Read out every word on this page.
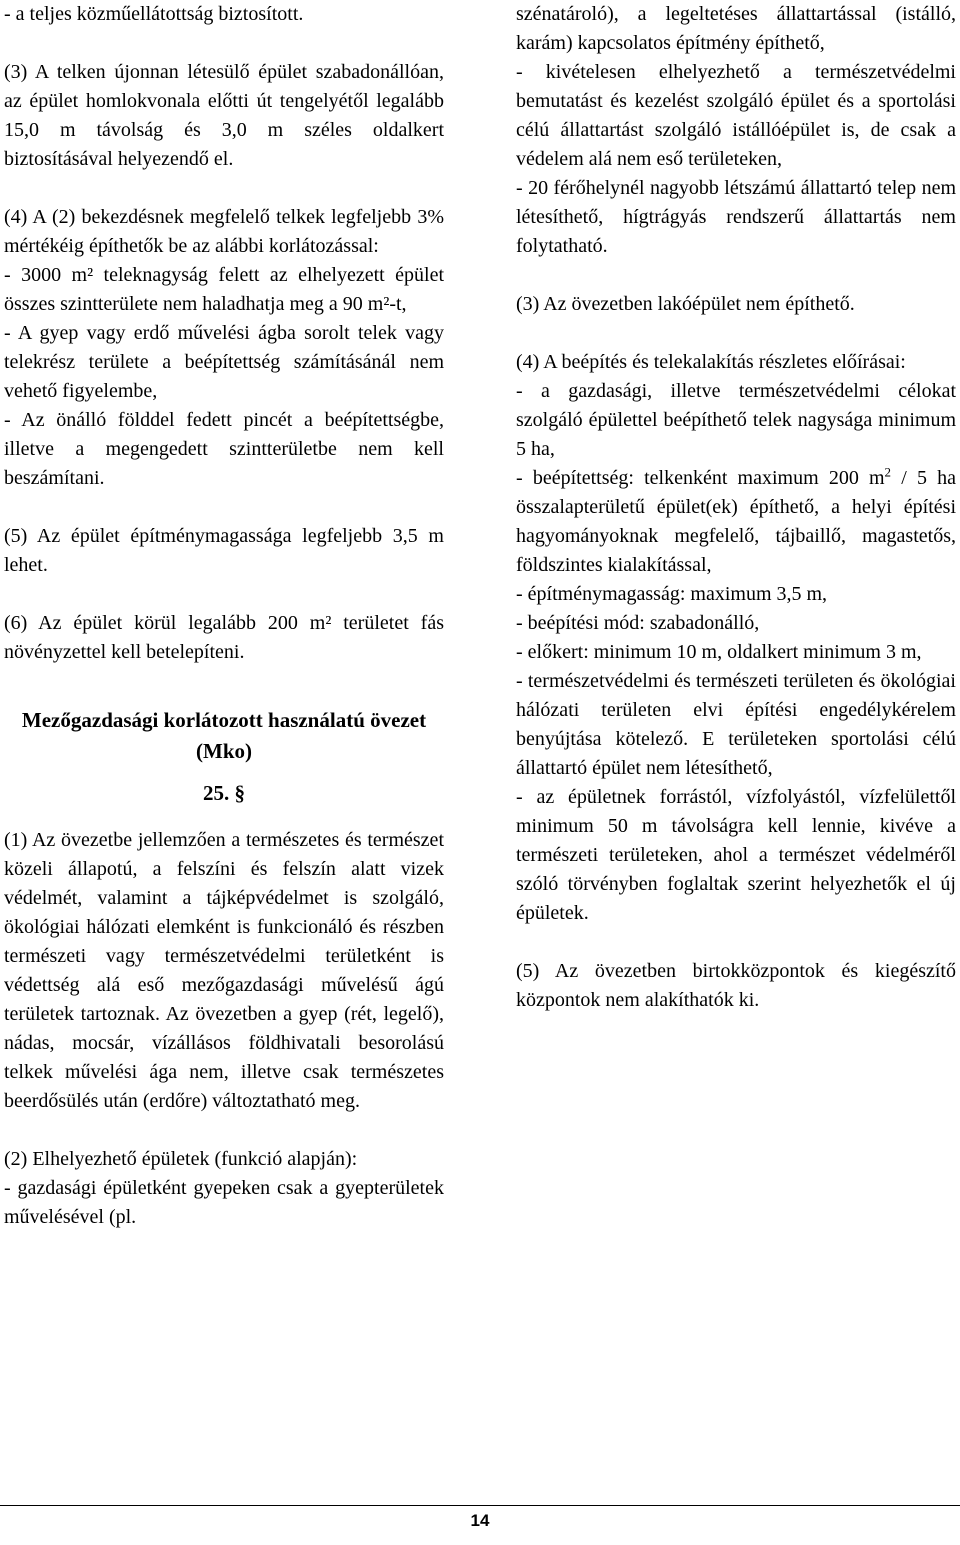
- a teljes közműellátottság biztosított.

(3) A telken újonnan létesülő épület szabadonállóan, az épület homlokvonala előtti út tengelyétől legalább 15,0 m távolság és 3,0 m széles oldalkert biztosításával helyezendő el.

(4) A (2) bekezdésnek megfelelő telkek legfeljebb 3% mértékéig építhetők be az alábbi korlátozással:
- 3000 m² teleknagyság felett az elhelyezett épület összes szintterülete nem haladhatja meg a 90 m²-t,
- A gyep vagy erdő művelési ágba sorolt telek vagy telekrész területe a beépítettség számításánál nem vehető figyelembe,
- Az önálló földdel fedett pincét a beépítettségbe, illetve a megengedett szintterületbe nem kell beszámítani.

(5) Az épület építménymagassága legfeljebb 3,5 m lehet.

(6) Az épület körül legalább 200 m² területet fás növényzettel kell betelepíteni.

Mezőgazdasági korlátozott használatú övezet (Mko)
25. §

(1) Az övezetbe jellemzően a természetes és természet közeli állapotú, a felszíni és felszín alatt vizek védelmét, valamint a tájképvédelmet is szolgáló, ökológiai hálózati elemként is funkcionáló és részben természeti vagy természetvédelmi területként is védettség alá eső mezőgazdasági művelésű ágú területek tartoznak. Az övezetben a gyep (rét, legelő), nádas, mocsár, vízállásos földhivatali besorolású telkek művelési ága nem, illetve csak természetes beerdősülés után (erdőre) változtatható meg.

(2) Elhelyezhető épületek (funkció alapján):
- gazdasági épületként gyepeken csak a gyepterületek művelésével (pl.

szénatároló), a legeltetéses állattartással (istálló, karám) kapcsolatos építmény építhető,
- kivételesen elhelyezhető a természetvédelmi bemutatást és kezelést szolgáló épület és a sportolási célú állattartást szolgáló istállóépület is, de csak a védelem alá nem eső területeken,
- 20 férőhelynél nagyobb létszámú állattartó telep nem létesíthető, hígtrágyás rendszerű állattartás nem folytatható.

(3) Az övezetben lakóépület nem építhető.

(4) A beépítés és telekalakítás részletes előírásai:
- a gazdasági, illetve természetvédelmi célokat szolgáló épülettel beépíthető telek nagysága minimum 5 ha,
- beépítettség: telkenként maximum 200 $m^2 / 5$ ha összalapterületű épület(ek) építhető, a helyi építési hagyományoknak megfelelő, tájbaillő, magastetős, földszintes kialakítással,
- építménymagasság: maximum 3,5 m,
- beépítési mód: szabadonálló,
- előkert: minimum 10 m, oldalkert minimum 3 m,
- természetvédelmi és természeti területen és ökológiai hálózati területen elvi építési engedélykérelem benyújtása kötelező. E területeken sportolási célú állattartó épület nem létesíthető,
- az épületnek forrástól, vízfolyástól, vízfelülettől minimum 50 m távolságra kell lennie, kivéve a természeti területeken, ahol a természet védelméről szóló törvényben foglaltak szerint helyezhetők el új épületek.

(5) Az övezetben birtokközpontok és kiegészítő központok nem alakíthatók ki.

14
